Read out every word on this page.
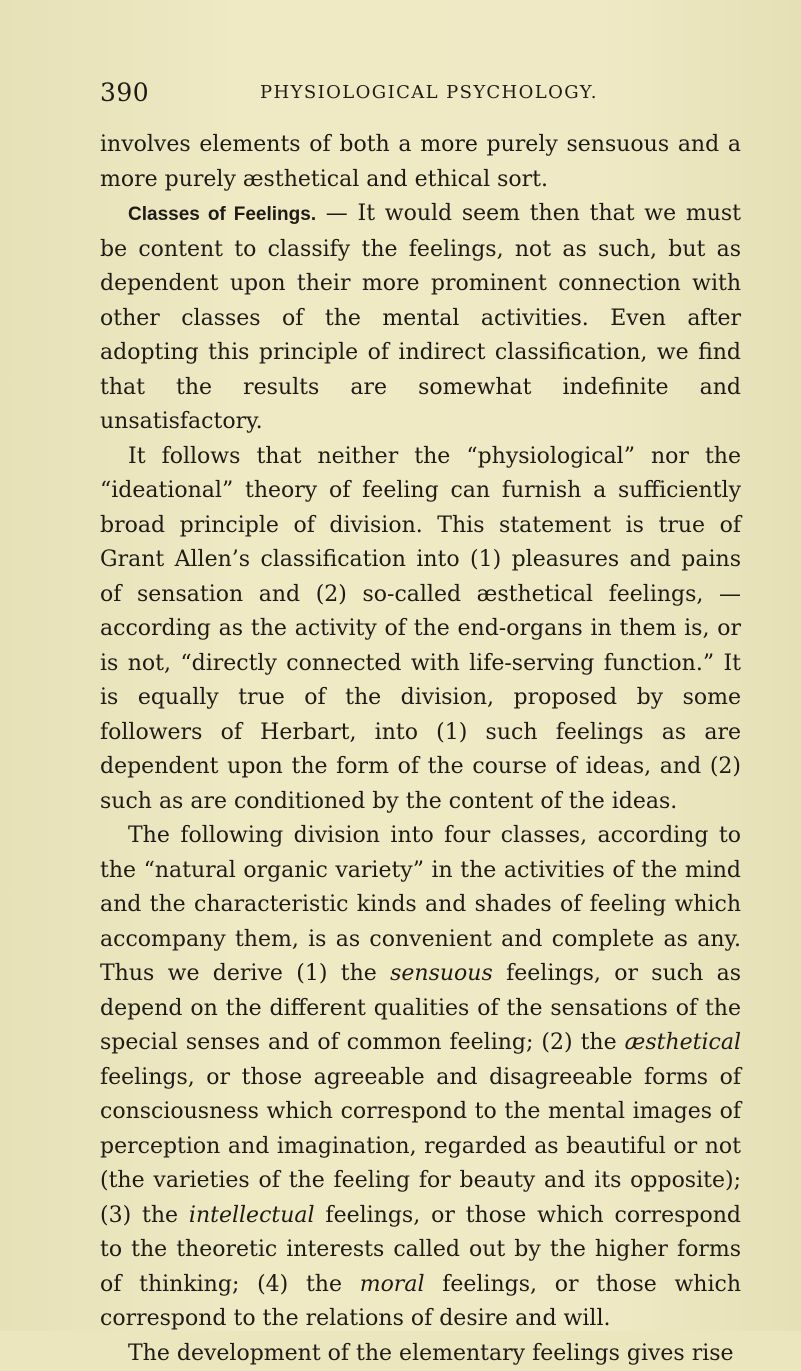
390	PHYSIOLOGICAL PSYCHOLOGY.

involves elements of both a more purely sensuous and a more purely æsthetical and ethical sort.

Classes of Feelings. — It would seem then that we must be content to classify the feelings, not as such, but as dependent upon their more prominent connection with other classes of the mental activities. Even after adopting this principle of indirect classification, we find that the results are somewhat indefinite and unsatisfactory.

It follows that neither the “physiological” nor the “ideational” theory of feeling can furnish a sufficiently broad principle of division. This statement is true of Grant Allen’s classification into (1) pleasures and pains of sensation and (2) so-called æsthetical feelings, — according as the activity of the end-organs in them is, or is not, “directly connected with life-serving function.” It is equally true of the division, proposed by some followers of Herbart, into (1) such feelings as are dependent upon the form of the course of ideas, and (2) such as are conditioned by the content of the ideas.

The following division into four classes, according to the “natural organic variety” in the activities of the mind and the characteristic kinds and shades of feeling which accompany them, is as convenient and complete as any. Thus we derive (1) the sensuous feelings, or such as depend on the different qualities of the sensations of the special senses and of common feeling; (2) the æsthetical feelings, or those agreeable and disagreeable forms of consciousness which correspond to the mental images of perception and imagination, regarded as beautiful or not (the varieties of the feeling for beauty and its opposite); (3) the intellectual feelings, or those which correspond to the theoretic interests called out by the higher forms of thinking; (4) the moral feelings, or those which correspond to the relations of desire and will.

The development of the elementary feelings gives rise
